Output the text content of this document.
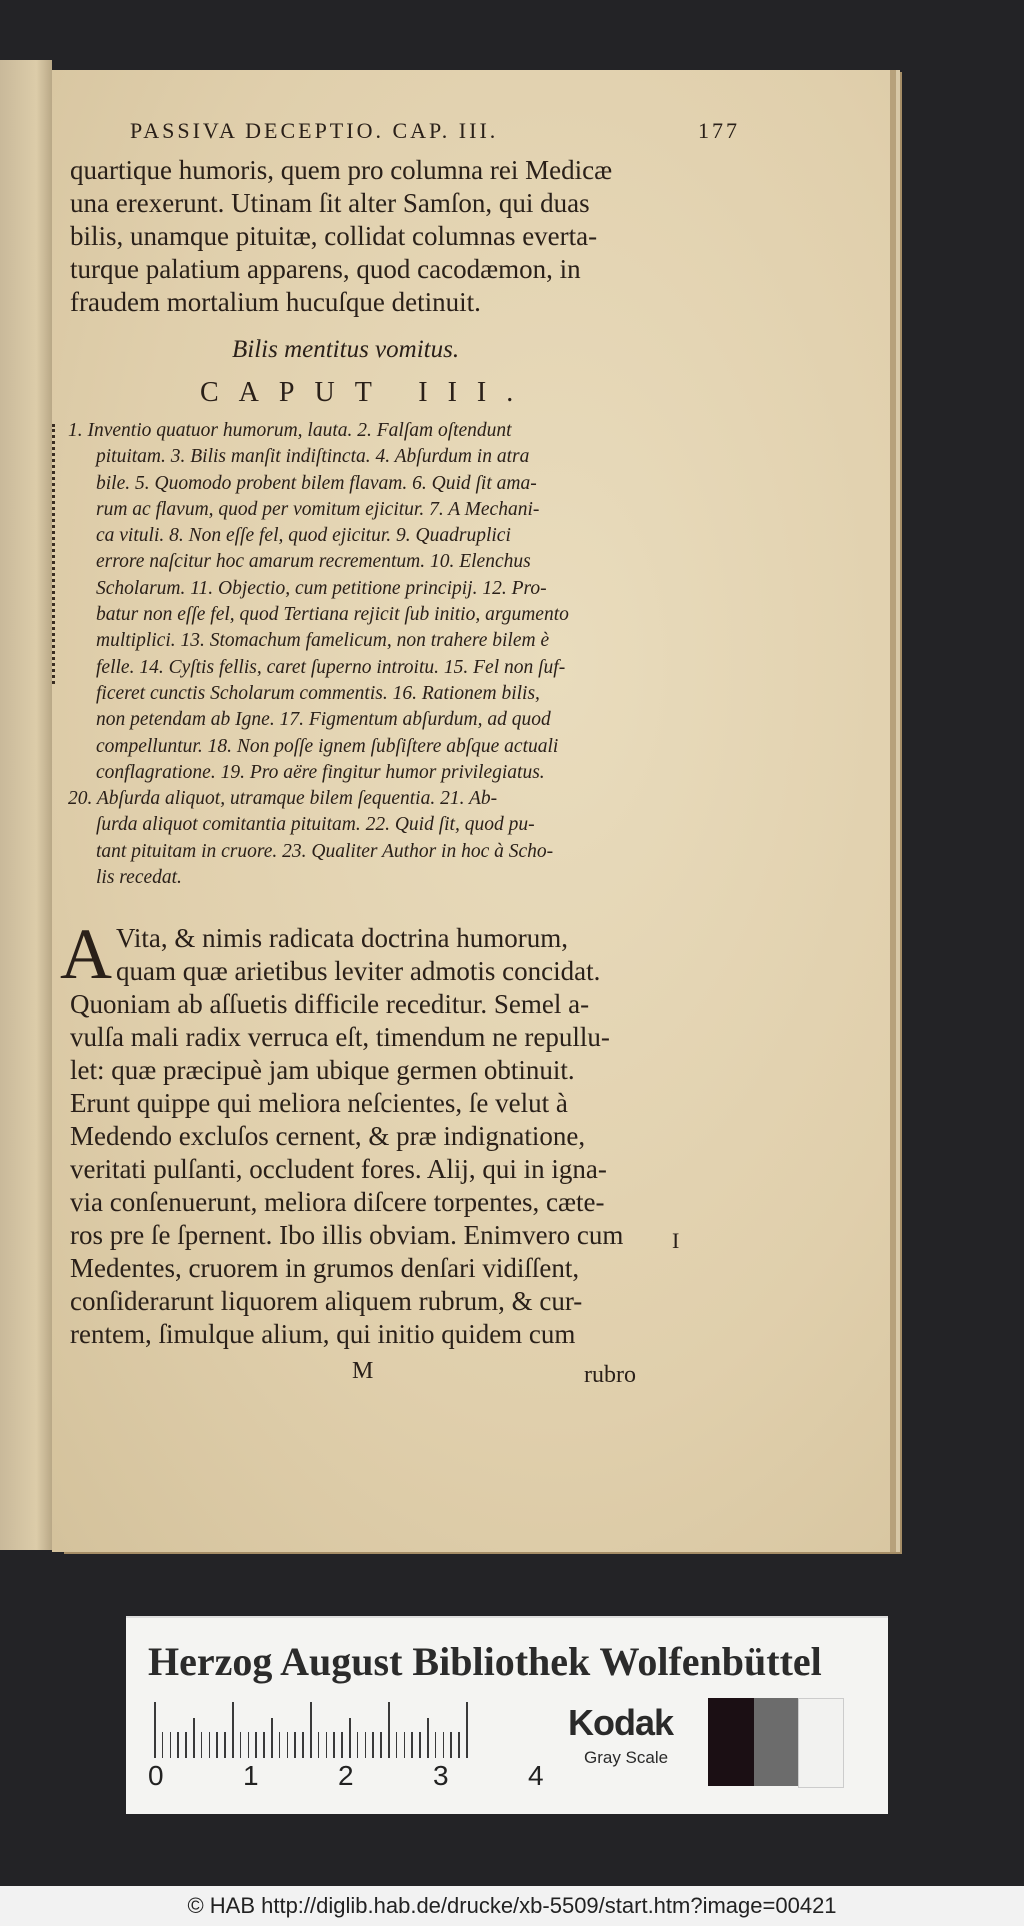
PASSIVA DECEPTIO. CAP. III.	177
quartique humoris, quem pro columna rei Medicæ
una erexerunt. Utinam ſit alter Samſon, qui duas
bilis, unamque pituitæ, collidat columnas everta-
turque palatium apparens, quod cacodæmon, in
fraudem mortalium hucuſque detinuit.
Bilis mentitus vomitus.
CAPUT III.
1. Inventio quatuor humorum, lauta. 2. Falſam oſtendunt
pituitam. 3. Bilis manſit indiſtincta. 4. Abſurdum in atra
bile. 5. Quomodo probent bilem flavam. 6. Quid ſit ama-
rum ac flavum, quod per vomitum ejicitur. 7. A Mechani-
ca vituli. 8. Non eſſe fel, quod ejicitur. 9. Quadruplici
errore naſcitur hoc amarum recrementum. 10. Elenchus
Scholarum. 11. Objectio, cum petitione principij. 12. Pro-
batur non eſſe fel, quod Tertiana rejicit ſub initio, argumento
multiplici. 13. Stomachum famelicum, non trahere bilem è
felle. 14. Cyſtis fellis, caret ſuperno introitu. 15. Fel non ſuf-
ficeret cunctis Scholarum commentis. 16. Rationem bilis,
non petendam ab Igne. 17. Figmentum abſurdum, ad quod
compelluntur. 18. Non poſſe ignem ſubſiſtere abſque actuali
conflagratione. 19. Pro aëre fingitur humor privilegiatus.
20. Abſurda aliquot, utramque bilem ſequentia. 21. Ab-
ſurda aliquot comitantia pituitam. 22. Quid ſit, quod pu-
tant pituitam in cruore. 23. Qualiter Author in hoc à Scho-
lis recedat.
A Vita, & nimis radicata doctrina humorum,
quam quæ arietibus leviter admotis concidat.
Quoniam ab aſſuetis difficile receditur. Semel a-
vulſa mali radix verruca eſt, timendum ne repullu-
let: quæ præcipuè jam ubique germen obtinuit.
Erunt quippe qui meliora neſcientes, ſe velut à
Medendo excluſos cernent, & præ indignatione,
veritati pulſanti, occludent fores. Alij, qui in igna-
via conſenuerunt, meliora diſcere torpentes, cæte-
ros pre ſe ſpernent. Ibo illis obviam. Enimvero cum
Medentes, cruorem in grumos denſari vidiſſent,
conſiderarunt liquorem aliquem rubrum, & cur-
rentem, ſimulque alium, qui initio quidem cum
I
M	rubro
Herzog August Bibliothek Wolfenbüttel
0	1	2	3	4
Kodak
Gray Scale
© HAB http://diglib.hab.de/drucke/xb-5509/start.htm?image=00421
